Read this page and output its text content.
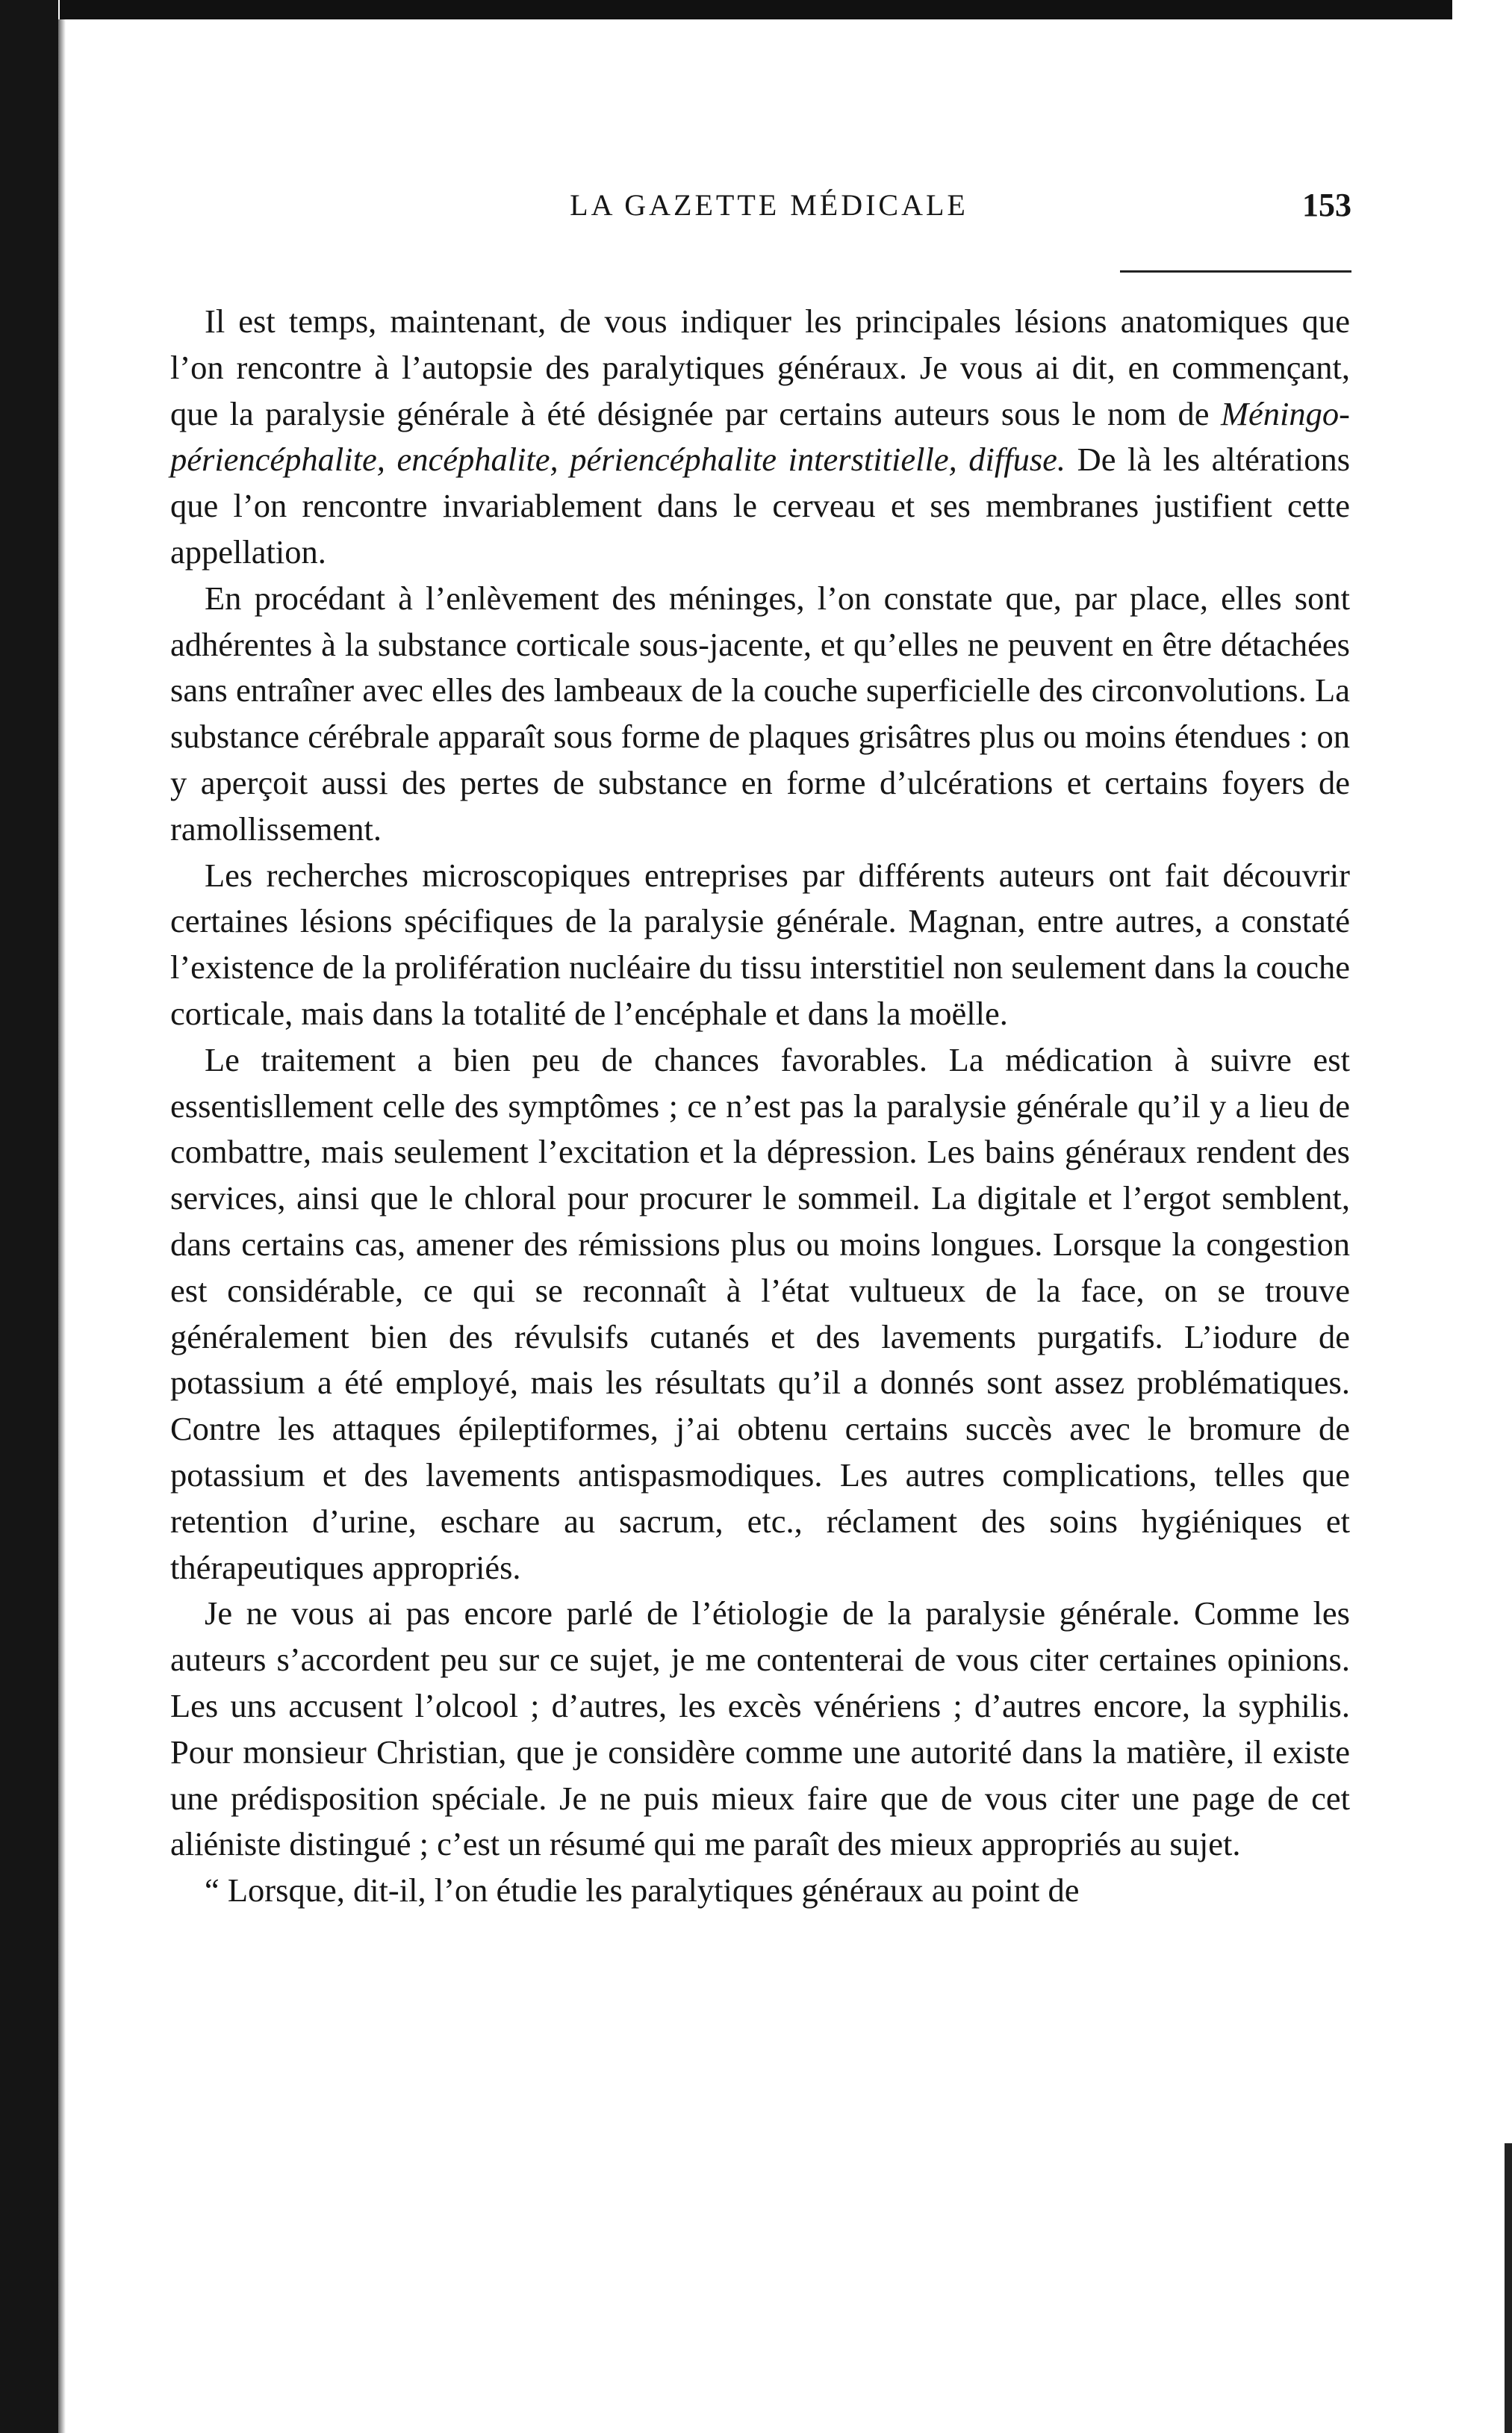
LA GAZETTE MÉDICALE	153

Il est temps, maintenant, de vous indiquer les principales lésions anatomiques que l’on rencontre à l’autopsie des paralytiques généraux. Je vous ai dit, en commençant, que la paralysie générale à été désignée par certains auteurs sous le nom de Méningo-périencéphalite, encéphalite, périencéphalite interstitielle, diffuse. De là les altérations que l’on rencontre invariablement dans le cerveau et ses membranes justifient cette appellation.

En procédant à l’enlèvement des méninges, l’on constate que, par place, elles sont adhérentes à la substance corticale sous-jacente, et qu’elles ne peuvent en être détachées sans entraîner avec elles des lambeaux de la couche superficielle des circonvolutions. La substance cérébrale apparaît sous forme de plaques grisâtres plus ou moins étendues : on y aperçoit aussi des pertes de substance en forme d’ulcérations et certains foyers de ramollissement.

Les recherches microscopiques entreprises par différents auteurs ont fait découvrir certaines lésions spécifiques de la paralysie générale. Magnan, entre autres, a constaté l’existence de la prolifération nucléaire du tissu interstitiel non seulement dans la couche corticale, mais dans la totalité de l’encéphale et dans la moëlle.

Le traitement a bien peu de chances favorables. La médication à suivre est essentisllement celle des symptômes ; ce n’est pas la paralysie générale qu’il y a lieu de combattre, mais seulement l’excitation et la dépression. Les bains généraux rendent des services, ainsi que le chloral pour procurer le sommeil. La digitale et l’ergot semblent, dans certains cas, amener des rémissions plus ou moins longues. Lorsque la congestion est considérable, ce qui se reconnaît à l’état vultueux de la face, on se trouve généralement bien des révulsifs cutanés et des lavements purgatifs. L’iodure de potassium a été employé, mais les résultats qu’il a donnés sont assez problématiques. Contre les attaques épileptiformes, j’ai obtenu certains succès avec le bromure de potassium et des lavements antispasmodiques. Les autres complications, telles que retention d’urine, eschare au sacrum, etc., réclament des soins hygiéniques et thérapeutiques appropriés.

Je ne vous ai pas encore parlé de l’étiologie de la paralysie générale. Comme les auteurs s’accordent peu sur ce sujet, je me contenterai de vous citer certaines opinions. Les uns accusent l’olcool ; d’autres, les excès vénériens ; d’autres encore, la syphilis. Pour monsieur Christian, que je considère comme une autorité dans la matière, il existe une prédisposition spéciale. Je ne puis mieux faire que de vous citer une page de cet aliéniste distingué ; c’est un résumé qui me paraît des mieux appropriés au sujet.

“ Lorsque, dit-il, l’on étudie les paralytiques généraux au point de
